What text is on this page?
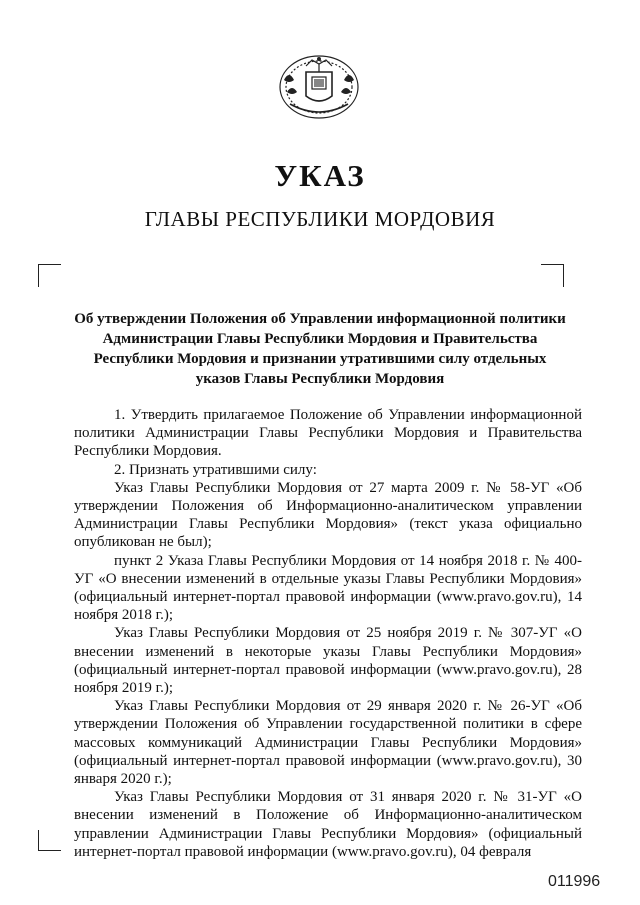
УКАЗ
ГЛАВЫ РЕСПУБЛИКИ МОРДОВИЯ
Об утверждении Положения об Управлении информационной политики
Администрации Главы Республики Мордовия и Правительства
Республики Мордовия и признании утратившими силу отдельных
указов Главы Республики Мордовия

1. Утвердить прилагаемое Положение об Управлении информационной политики Администрации Главы Республики Мордовия и Правительства Республики Мордовия.

2. Признать утратившими силу:

Указ Главы Республики Мордовия от 27 марта 2009 г. № 58-УГ «Об утверждении Положения об Информационно-аналитическом управлении Администрации Главы Республики Мордовия» (текст указа официально опубликован не был);

пункт 2 Указа Главы Республики Мордовия от 14 ноября 2018 г. № 400-УГ «О внесении изменений в отдельные указы Главы Республики Мордовия» (официальный интернет-портал правовой информации (www.pravo.gov.ru), 14 ноября 2018 г.);

Указ Главы Республики Мордовия от 25 ноября 2019 г. № 307-УГ «О внесении изменений в некоторые указы Главы Республики Мордовия» (официальный интернет-портал правовой информации (www.pravo.gov.ru), 28 ноября 2019 г.);

Указ Главы Республики Мордовия от 29 января 2020 г. № 26-УГ «Об утверждении Положения об Управлении государственной политики в сфере массовых коммуникаций Администрации Главы Республики Мордовия» (официальный интернет-портал правовой информации (www.pravo.gov.ru), 30 января 2020 г.);

Указ Главы Республики Мордовия от 31 января 2020 г. № 31-УГ «О внесении изменений в Положение об Информационно-аналитическом управлении Администрации Главы Республики Мордовия» (официальный интернет-портал правовой информации (www.pravo.gov.ru), 04 февраля

011996
